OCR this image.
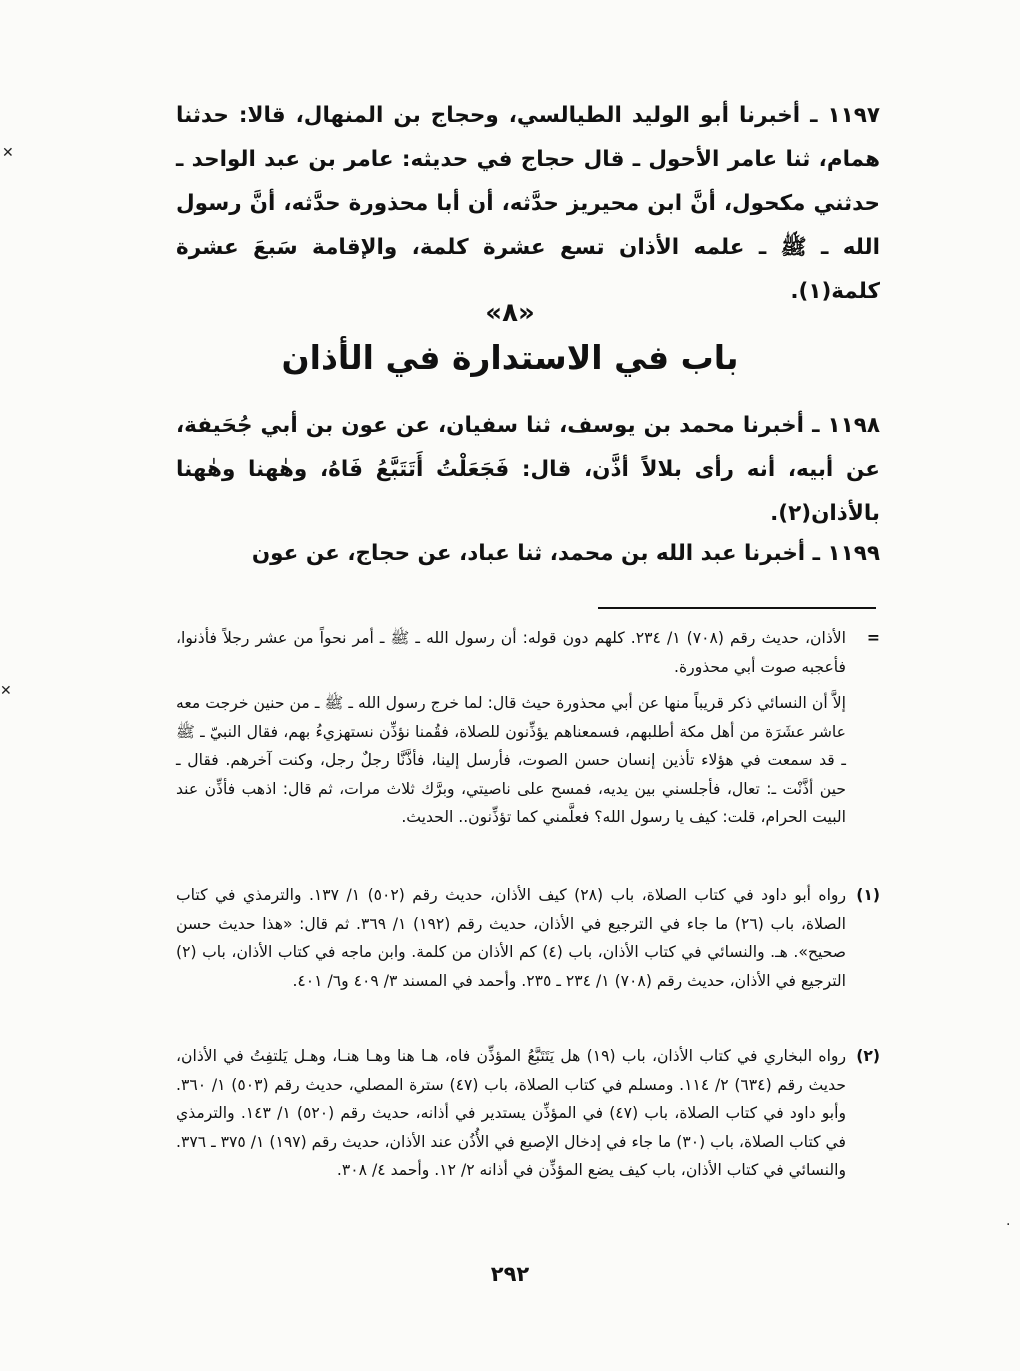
١١٩٧ ـ أخبرنا أبو الوليد الطيالسي، وحجاج بن المنهال، قالا: حدثنا همام، ثنا عامر الأحول ـ قال حجاج في حديثه: عامر بن عبد الواحد ـ حدثني مكحول، أنَّ ابن محيريز حدَّثه، أن أبا محذورة حدَّثه، أنَّ رسول الله ـ ﷺ ـ علمه الأذان تسع عشرة كلمة، والإقامة سَبعَ عشرة كلمة(١).

«٨»
باب في الاستدارة في الأذان

١١٩٨ ـ أخبرنا محمد بن يوسف، ثنا سفيان، عن عون بن أبي جُحَيفة، عن أبيه، أنه رأى بلالاً أذَّن، قال: فَجَعَلْتُ أَتَتَبَّعُ فَاهُ، وهٰهنا وهٰهنا بالأذان(٢).

١١٩٩ ـ أخبرنا عبد الله بن محمد، ثنا عباد، عن حجاج، عن عون

=

الأذان، حديث رقم (٧٠٨) ١/ ٢٣٤. كلهم دون قوله: أن رسول الله ـ ﷺ ـ أمر نحواً من عشر رجلاً فأذنوا، فأعجبه صوت أبي محذورة.

إلاَّ أن النسائي ذكر قريباً منها عن أبي محذورة حيث قال: لما خرج رسول الله ـ ﷺ ـ من حنين خرجت معه عاشر عشَرَة من أهل مكة أطلبهم، فسمعناهم يؤذِّنون للصلاة، فقُمنا نؤذِّن نستهزيءُ بهم، فقال النبيّ ـ ﷺ ـ قد سمعت في هؤلاء تأذين إنسان حسن الصوت، فأرسل إلينا، فأذَّنَّا رجلٌ رجل، وكنت آخرهم. فقال ـ حين أذَّنْت ـ: تعال، فأجلسني بين يديه، فمسح على ناصيتي، وبرَّك ثلاث مرات، ثم قال: اذهب فأذِّن عند البيت الحرام، قلت: كيف يا رسول الله؟ فعلَّمني كما تؤذِّنون.. الحديث.

(١)

رواه أبو داود في كتاب الصلاة، باب (٢٨) كيف الأذان، حديث رقم (٥٠٢) ١/ ١٣٧. والترمذي في كتاب الصلاة، باب (٢٦) ما جاء في الترجيع في الأذان، حديث رقم (١٩٢) ١/ ٣٦٩. ثم قال: «هذا حديث حسن صحيح». هـ. والنسائي في كتاب الأذان، باب (٤) كم الأذان من كلمة. وابن ماجه في كتاب الأذان، باب (٢) الترجيع في الأذان، حديث رقم (٧٠٨) ١/ ٢٣٤ ـ ٢٣٥. وأحمد في المسند ٣/ ٤٠٩ و٦/ ٤٠١.

(٢)

رواه البخاري في كتاب الأذان، باب (١٩) هل يَتَتَبَّعُ المؤذِّن فاه، هـا هنا وهـا هنـا، وهـل يَلتفِتُ في الأذان، حديث رقم (٦٣٤) ٢/ ١١٤. ومسلم في كتاب الصلاة، باب (٤٧) سترة المصلي، حديث رقم (٥٠٣) ١/ ٣٦٠. وأبو داود في كتاب الصلاة، باب (٤٧) في المؤذِّن يستدير في أذانه، حديث رقم (٥٢٠) ١/ ١٤٣. والترمذي في كتاب الصلاة، باب (٣٠) ما جاء في إدخال الإصبع في الأُذُن عند الأذان، حديث رقم (١٩٧) ١/ ٣٧٥ ـ ٣٧٦. والنسائي في كتاب الأذان، باب كيف يضع المؤذِّن في أذانه ٢/ ١٢. وأحمد ٤/ ٣٠٨.

٢٩٢
✕
✕
·
